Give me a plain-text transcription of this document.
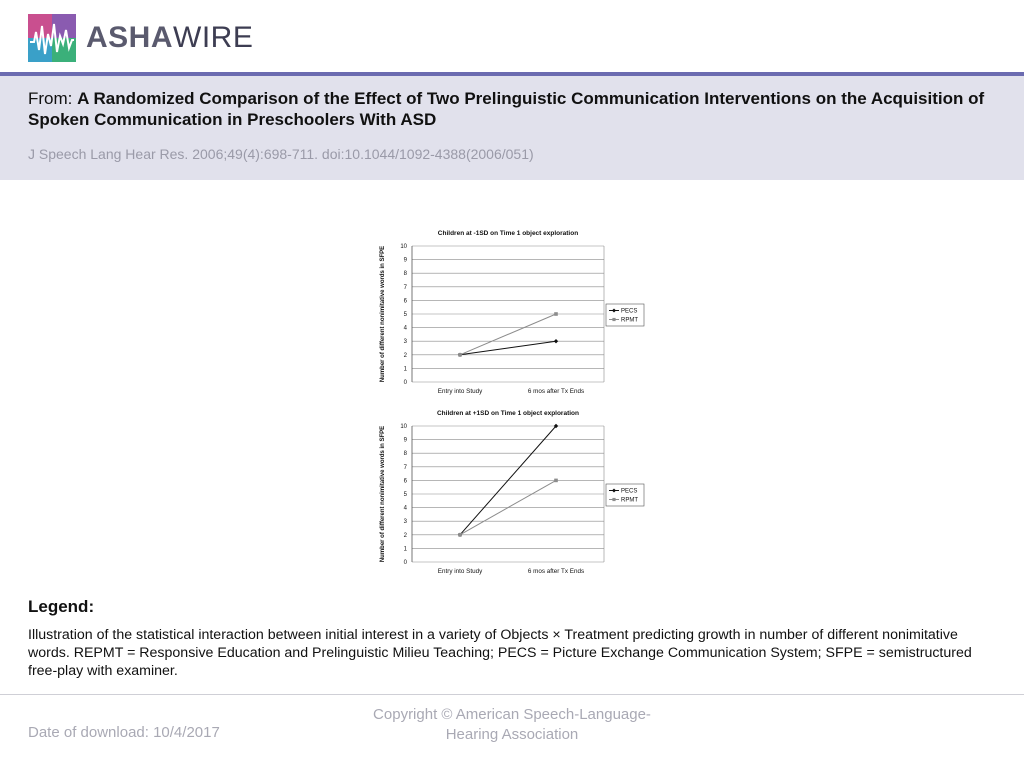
ASHAWIRE
From: A Randomized Comparison of the Effect of Two Prelinguistic Communication Interventions on the Acquisition of Spoken Communication in Preschoolers With ASD
J Speech Lang Hear Res. 2006;49(4):698-711. doi:10.1044/1092-4388(2006/051)
Children at -1SD on Time 1 object exploration
0
1
2
3
4
5
6
7
8
9
10
Number of different nonimitative words in SFPE
Entry into Study	6 mos after Tx Ends
PECS
RPMT
Children at +1SD on Time 1 object exploration
0
1
2
3
4
5
6
7
8
9
10
Number of different nonimitative words in SFPE
Entry into Study	6 mos after Tx Ends
PECS
RPMT
Legend:
Illustration of the statistical interaction between initial interest in a variety of Objects × Treatment predicting growth in number of different nonimitative words. REPMT = Responsive Education and Prelinguistic Milieu Teaching; PECS = Picture Exchange Communication System; SFPE = semistructured free-play with examiner.
Date of download: 10/4/2017
Copyright © American Speech-Language-Hearing Association
